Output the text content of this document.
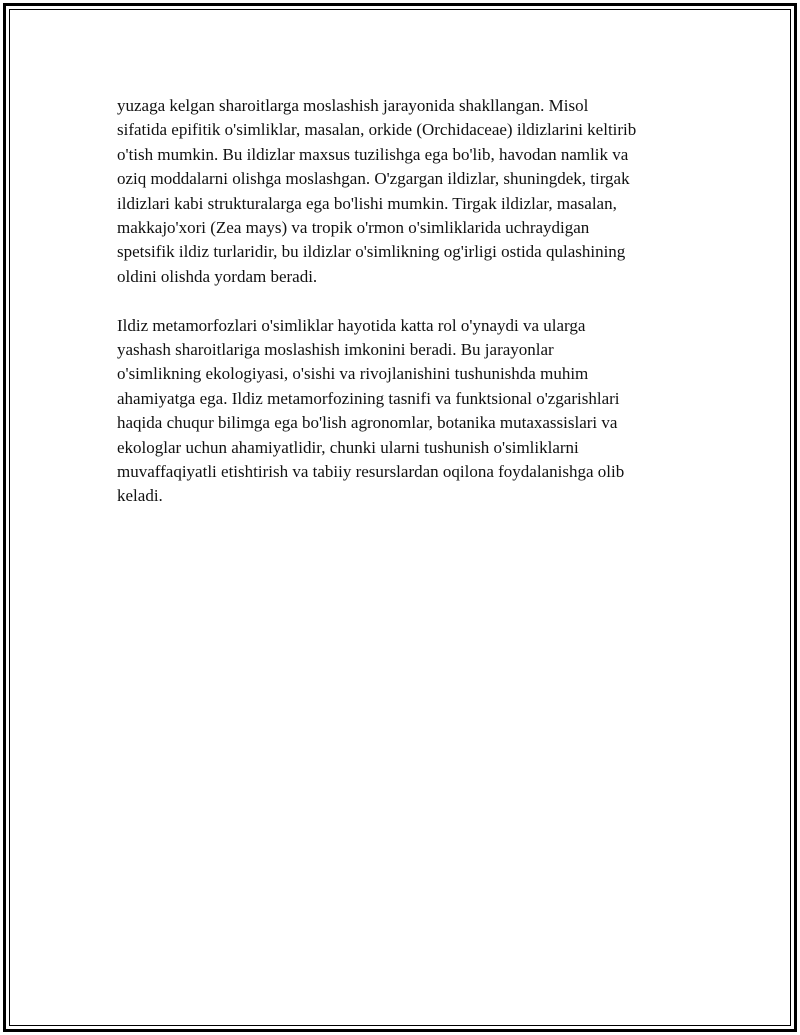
yuzaga kelgan sharoitlarga moslashish jarayonida shakllangan. Misol
sifatida epifitik o'simliklar, masalan, orkide (Orchidaceae) ildizlarini keltirib
o'tish mumkin. Bu ildizlar maxsus tuzilishga ega bo'lib, havodan namlik va
oziq moddalarni olishga moslashgan. O'zgargan ildizlar, shuningdek, tirgak
ildizlari kabi strukturalarga ega bo'lishi mumkin. Tirgak ildizlar, masalan,
makkajo'xori (Zea mays) va tropik o'rmon o'simliklarida uchraydigan
spetsifik ildiz turlaridir, bu ildizlar o'simlikning og'irligi ostida qulashining
oldini olishda yordam beradi.

Ildiz metamorfozlari o'simliklar hayotida katta rol o'ynaydi va ularga
yashash sharoitlariga moslashish imkonini beradi. Bu jarayonlar
o'simlikning ekologiyasi, o'sishi va rivojlanishini tushunishda muhim
ahamiyatga ega. Ildiz metamorfozining tasnifi va funktsional o'zgarishlari
haqida chuqur bilimga ega bo'lish agronomlar, botanika mutaxassislari va
ekologlar uchun ahamiyatlidir, chunki ularni tushunish o'simliklarni
muvaffaqiyatli etishtirish va tabiiy resurslardan oqilona foydalanishga olib
keladi.
